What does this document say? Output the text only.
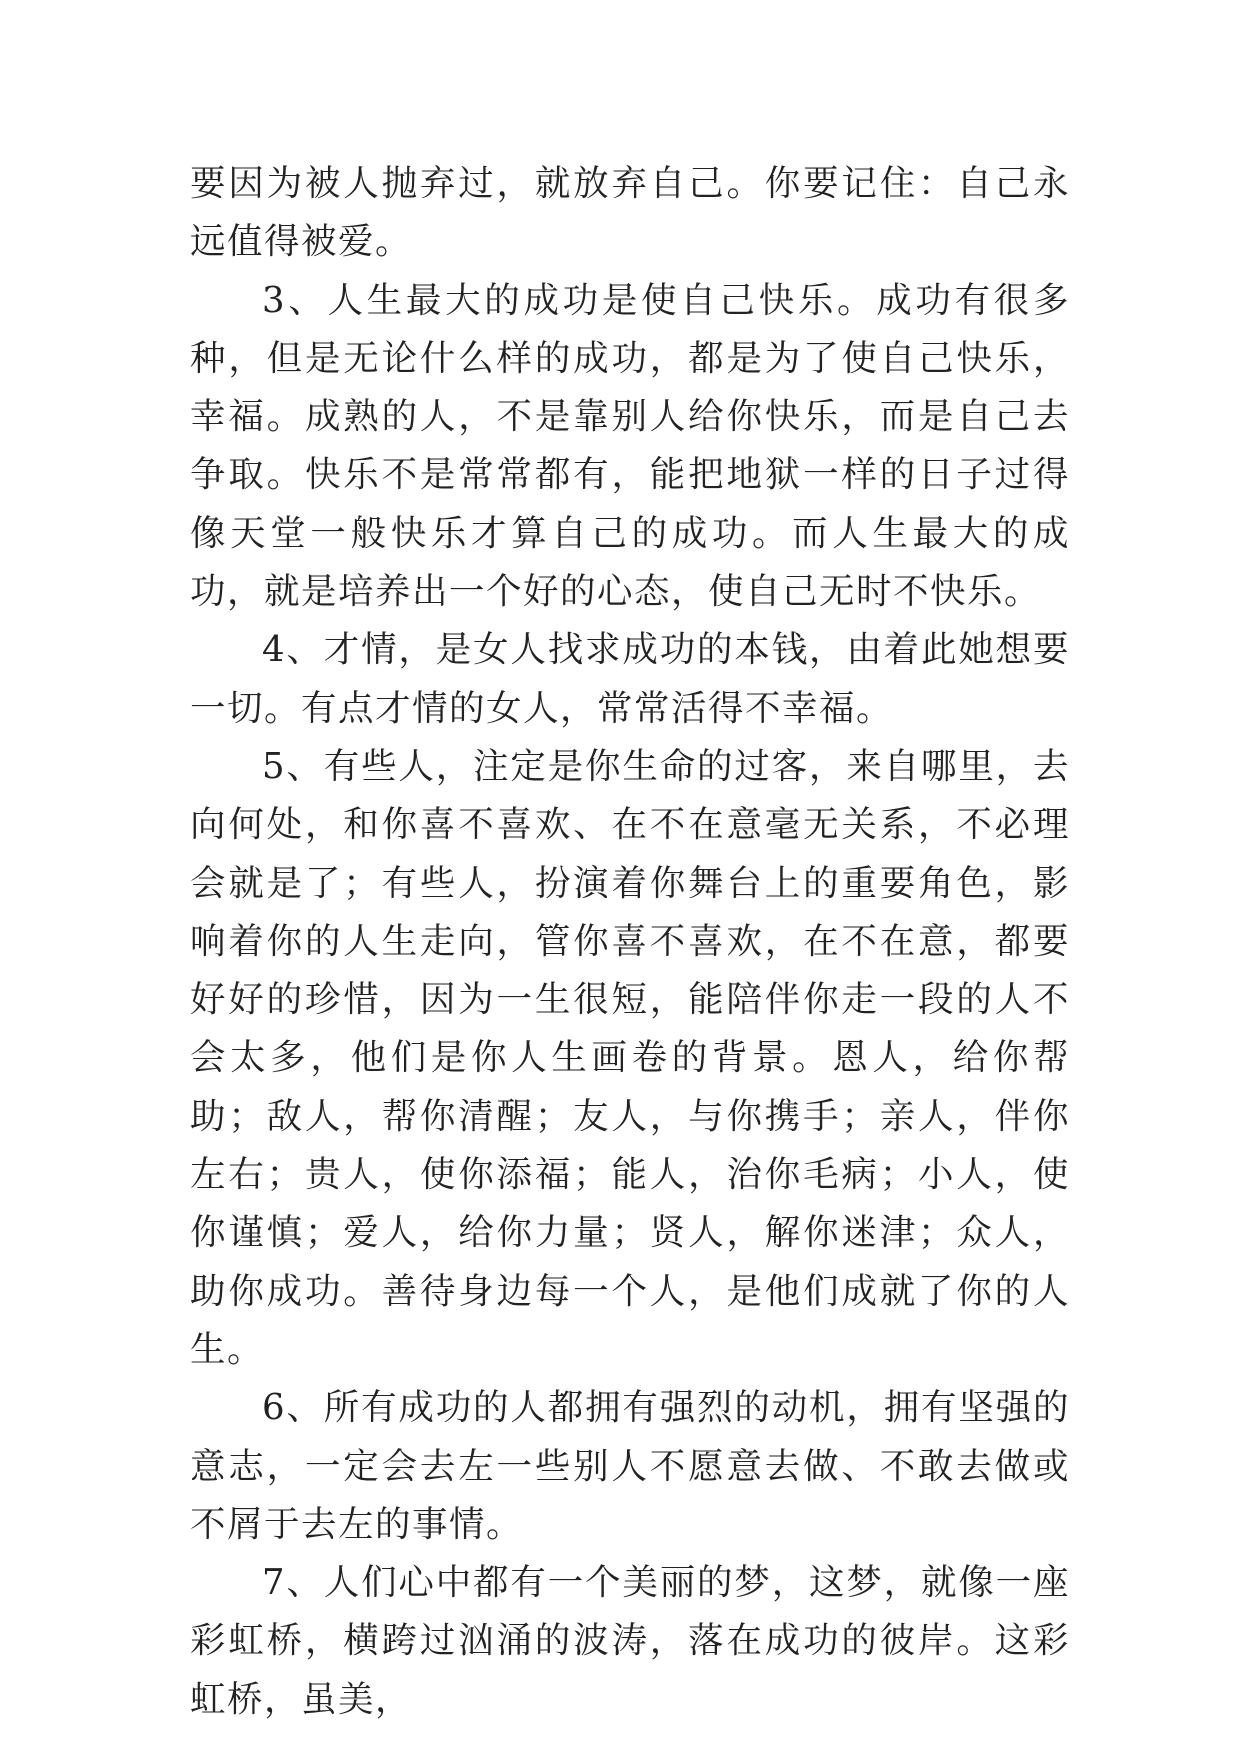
要因为被人抛弃过，就放弃自己。你要记住：自己永远值得被爱。

3、人生最大的成功是使自己快乐。成功有很多种，但是无论什么样的成功，都是为了使自己快乐，幸福。成熟的人，不是靠别人给你快乐，而是自己去争取。快乐不是常常都有，能把地狱一样的日子过得像天堂一般快乐才算自己的成功。而人生最大的成功，就是培养出一个好的心态，使自己无时不快乐。

4、才情，是女人找求成功的本钱，由着此她想要一切。有点才情的女人，常常活得不幸福。

5、有些人，注定是你生命的过客，来自哪里，去向何处，和你喜不喜欢、在不在意毫无关系，不必理会就是了；有些人，扮演着你舞台上的重要角色，影响着你的人生走向，管你喜不喜欢，在不在意，都要好好的珍惜，因为一生很短，能陪伴你走一段的人不会太多，他们是你人生画卷的背景。恩人，给你帮助；敌人，帮你清醒；友人，与你携手；亲人，伴你左右；贵人，使你添福；能人，治你毛病；小人，使你谨慎；爱人，给你力量；贤人，解你迷津；众人，助你成功。善待身边每一个人，是他们成就了你的人生。

6、所有成功的人都拥有强烈的动机，拥有坚强的意志，一定会去左一些别人不愿意去做、不敢去做或不屑于去左的事情。

7、人们心中都有一个美丽的梦，这梦，就像一座彩虹桥，横跨过汹涌的波涛，落在成功的彼岸。这彩虹桥，虽美，
